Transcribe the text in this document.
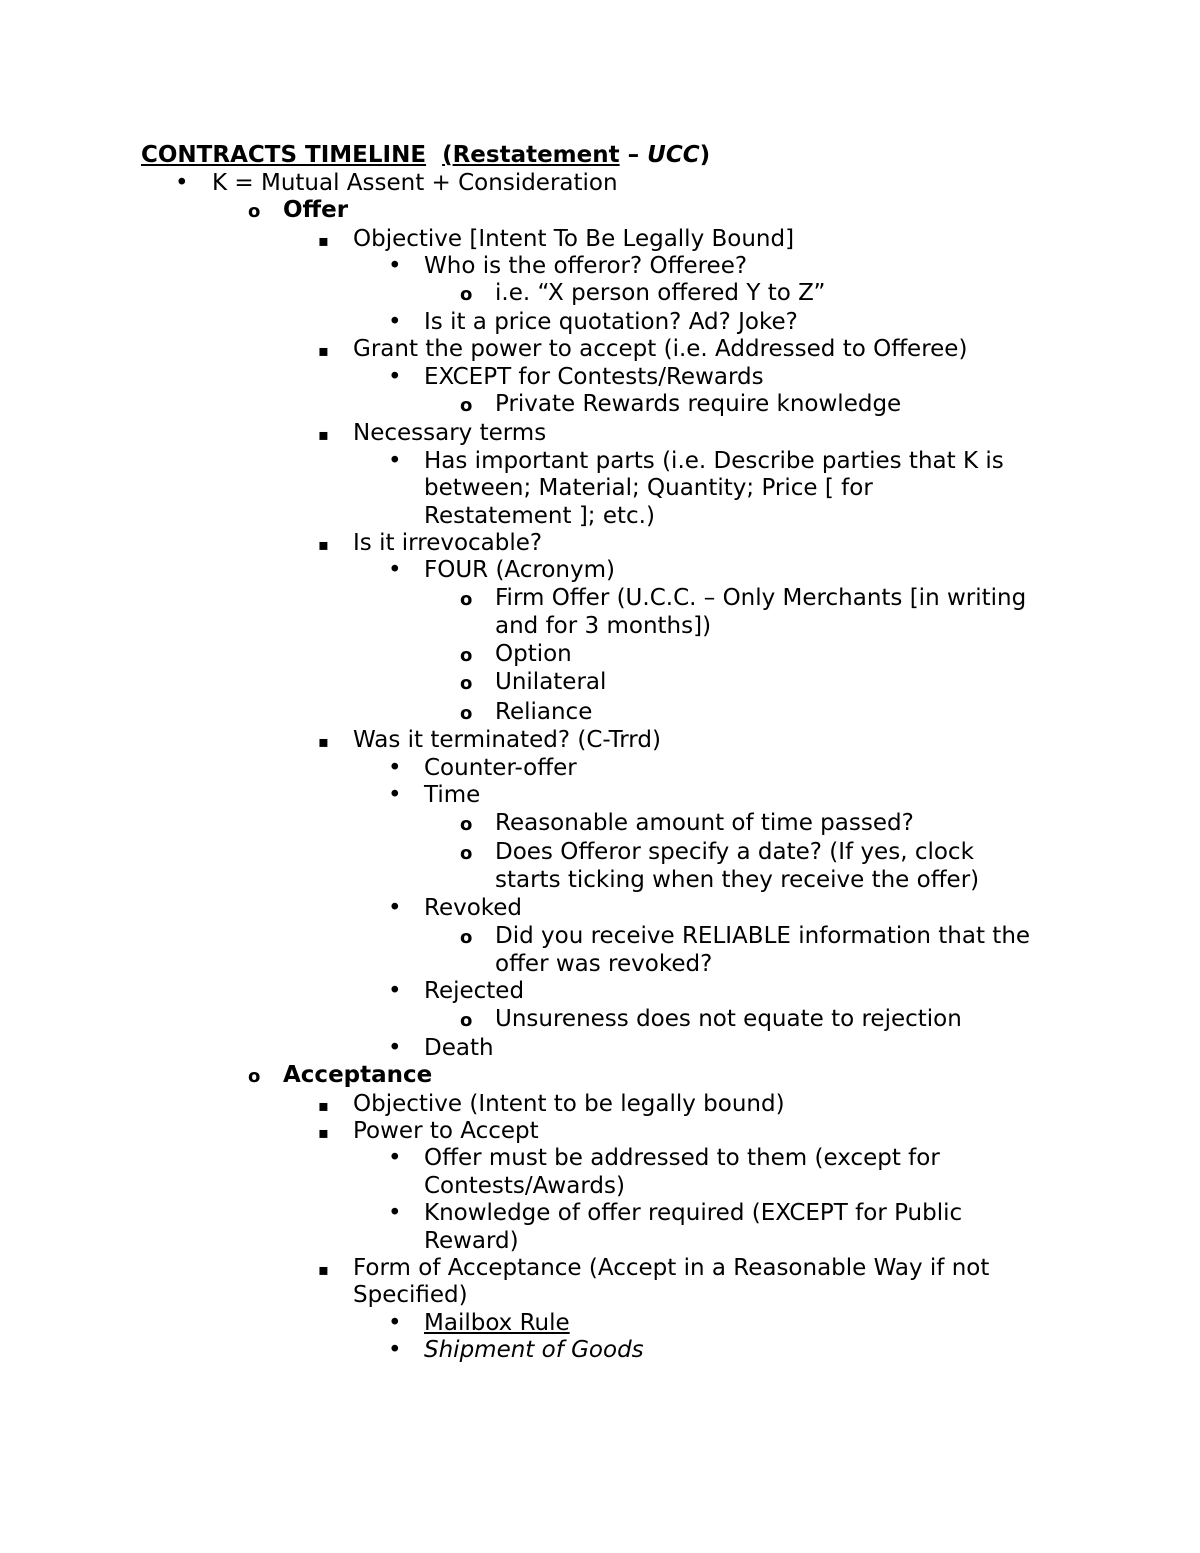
CONTRACTS TIMELINE (Restatement – UCC)
•
K = Mutual Assent + Consideration
o
Offer
▪
Objective [Intent To Be Legally Bound]
•
Who is the offeror? Offeree?
o
i.e. “X person offered Y to Z”
•
Is it a price quotation? Ad? Joke?
▪
Grant the power to accept (i.e. Addressed to Offeree)
•
EXCEPT for Contests/Rewards
o
Private Rewards require knowledge
▪
Necessary terms
•
Has important parts (i.e. Describe parties that K is
between; Material; Quantity; Price [ for
Restatement ]; etc.)
▪
Is it irrevocable?
•
FOUR (Acronym)
o
Firm Offer (U.C.C. – Only Merchants [in writing
and for 3 months])
o
Option
o
Unilateral
o
Reliance
▪
Was it terminated? (C-Trrd)
•
Counter-offer
•
Time
o
Reasonable amount of time passed?
o
Does Offeror specify a date? (If yes, clock
starts ticking when they receive the offer)
•
Revoked
o
Did you receive RELIABLE information that the
offer was revoked?
•
Rejected
o
Unsureness does not equate to rejection
•
Death
o
Acceptance
▪
Objective (Intent to be legally bound)
▪
Power to Accept
•
Offer must be addressed to them (except for
Contests/Awards)
•
Knowledge of offer required (EXCEPT for Public
Reward)
▪
Form of Acceptance (Accept in a Reasonable Way if not
Specified)
•
Mailbox Rule
•
Shipment of Goods
